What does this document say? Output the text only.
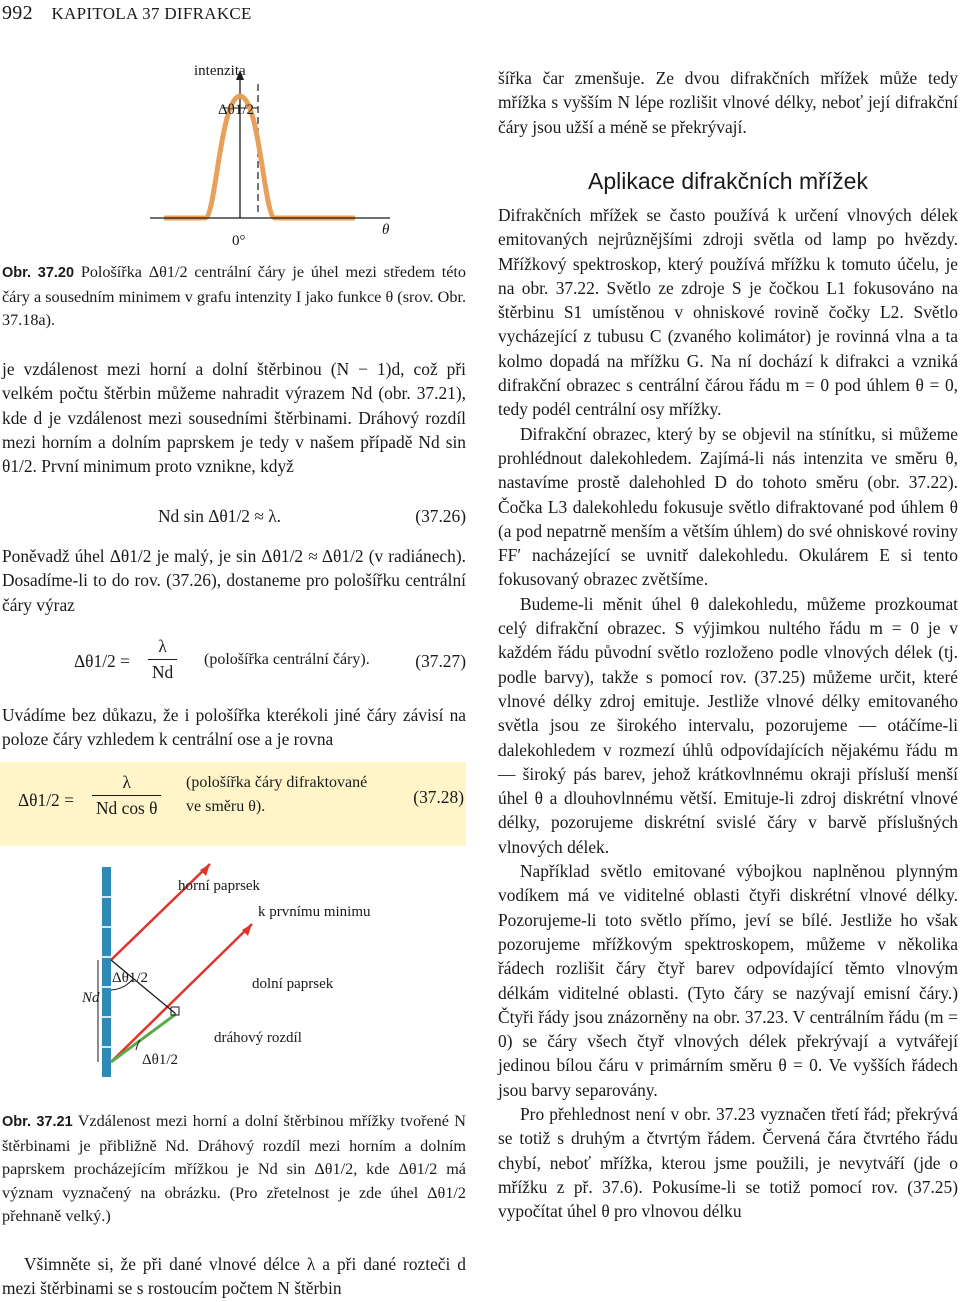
992 KAPITOLA 37 DIFRAKCE
intenzita
Δθ1/2
0°
θ
Obr. 37.20 Pološířka Δθ1/2 centrální čáry je úhel mezi středem této čáry a sousedním minimem v grafu intenzity I jako funkce θ (srov. Obr. 37.18a).

je vzdálenost mezi horní a dolní štěrbinou (N − 1)d, což při velkém počtu štěrbin můžeme nahradit výrazem Nd (obr. 37.21), kde d je vzdálenost mezi sousedními štěrbinami. Dráhový rozdíl mezi horním a dolním paprskem je tedy v našem případě Nd sin θ1/2. První minimum proto vznikne, když

Nd sin Δθ1/2 ≈ λ.	(37.26)

Poněvadž úhel Δθ1/2 je malý, je sin Δθ1/2 ≈ Δθ1/2 (v radiánech). Dosadíme-li to do rov. (37.26), dostaneme pro pološířku centrální čáry výraz

$\Delta\theta 1/2 = \frac{\lambda}{Nd}$ (pološířka centrální čáry).	(37.27)

Uvádíme bez důkazu, že i pološířka kterékoli jiné čáry závisí na poloze čáry vzhledem k centrální ose a je rovna

$\Delta\theta 1/2 = \frac{\lambda}{\text{Nd cos θ}}$ (pološířka čáry difraktované
ve směru θ).	(37.28)
horní paprsek
k prvnímu minimu
dolní paprsek
dráhový rozdíl
Nd
Δθ1/2
Δθ1/2
Obr. 37.21 Vzdálenost mezi horní a dolní štěrbinou mřížky tvořené N štěrbinami je přibližně Nd. Dráhový rozdíl mezi horním a dolním paprskem procházejícím mřížkou je Nd sin Δθ1/2, kde Δθ1/2 má význam vyznačený na obrázku. (Pro zřetelnost je zde úhel Δθ1/2 přehnaně velký.)

Všimněte si, že při dané vlnové délce λ a při dané rozteči d mezi štěrbinami se s rostoucím počtem N štěrbin

šířka čar zmenšuje. Ze dvou difrakčních mřížek může tedy mřížka s vyšším N lépe rozlišit vlnové délky, neboť její difrakční čáry jsou užší a méně se překrývají.

Aplikace difrakčních mřížek

Difrakčních mřížek se často používá k určení vlnových délek emitovaných nejrůznějšími zdroji světla od lamp po hvězdy. Mřížkový spektroskop, který používá mřížku k tomuto účelu, je na obr. 37.22. Světlo ze zdroje S je čočkou L1 fokusováno na štěrbinu S1 umístěnou v ohniskové rovině čočky L2. Světlo vycházející z tubusu C (zvaného kolimátor) je rovinná vlna a ta kolmo dopadá na mřížku G. Na ní dochází k difrakci a vzniká difrakční obrazec s centrální čárou řádu m = 0 pod úhlem θ = 0, tedy podél centrální osy mřížky.

Difrakční obrazec, který by se objevil na stínítku, si můžeme prohlédnout dalekohledem. Zajímá-li nás intenzita ve směru θ, nastavíme prostě dalehohled D do tohoto směru (obr. 37.22). Čočka L3 dalekohledu fokusuje světlo difraktované pod úhlem θ (a pod nepatrně menším a větším úhlem) do své ohniskové roviny FF′ nacházející se uvnitř dalekohledu. Okulárem E si tento fokusovaný obrazec zvětšíme.

Budeme-li měnit úhel θ dalekohledu, můžeme prozkoumat celý difrakční obrazec. S výjimkou nultého řádu m = 0 je v každém řádu původní světlo rozloženo podle vlnových délek (tj. podle barvy), takže s pomocí rov. (37.25) můžeme určit, které vlnové délky zdroj emituje. Jestliže vlnové délky emitovaného světla jsou ze širokého intervalu, pozorujeme — otáčíme-li dalekohledem v rozmezí úhlů odpovídajících nějakému řádu m — široký pás barev, jehož krátkovlnnému okraji přísluší menší úhel θ a dlouhovlnnému větší. Emituje-li zdroj diskrétní vlnové délky, pozorujeme diskrétní svislé čáry v barvě příslušných vlnových délek.

Například světlo emitované výbojkou naplněnou plynným vodíkem má ve viditelné oblasti čtyři diskrétní vlnové délky. Pozorujeme-li toto světlo přímo, jeví se bílé. Jestliže ho však pozorujeme mřížkovým spektroskopem, můžeme v několika řádech rozlišit čáry čtyř barev odpovídající těmto vlnovým délkám viditelné oblasti. (Tyto čáry se nazývají emisní čáry.) Čtyři řády jsou znázorněny na obr. 37.23. V centrálním řádu (m = 0) se čáry všech čtyř vlnových délek překrývají a vytvářejí jedinou bílou čáru v primárním směru θ = 0. Ve vyšších řádech jsou barvy separovány.

Pro přehlednost není v obr. 37.23 vyznačen třetí řád; překrývá se totiž s druhým a čtvrtým řádem. Červená čára čtvrtého řádu chybí, neboť mřížka, kterou jsme použili, je nevytváří (jde o mřížku z př. 37.6). Pokusíme-li se totiž pomocí rov. (37.25) vypočítat úhel θ pro vlnovou délku
